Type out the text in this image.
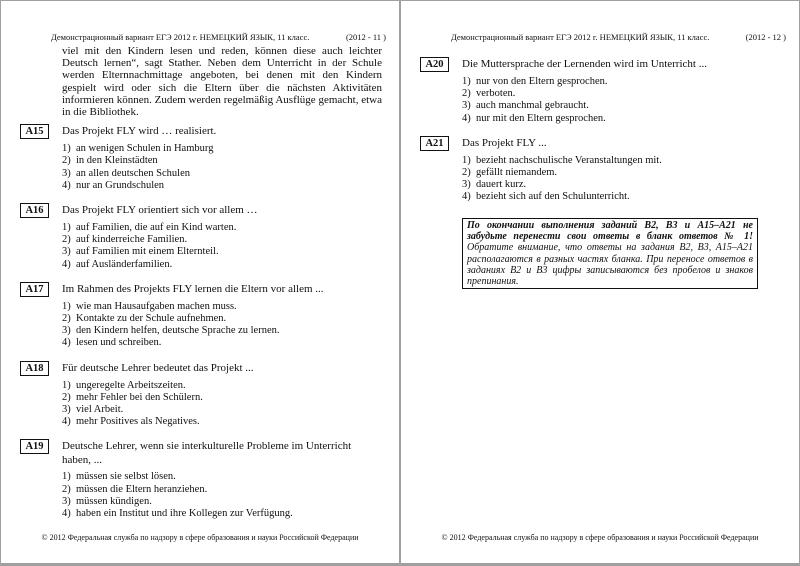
Демонстрационный вариант ЕГЭ 2012 г. НЕМЕЦКИЙ ЯЗЫК, 11 класс.	(2012 - 11 )
viel mit den Kindern lesen und reden, können diese auch leichter Deutsch lernen“, sagt Stather. Neben dem Unterricht in der Schule werden Elternnachmittage angeboten, bei denen mit den Kindern gespielt wird oder sich die Eltern über die nächsten Aktivitäten informieren können. Zudem werden regelmäßig Ausflüge gemacht, etwa in die Bibliothek.
A15	Das Projekt FLY wird … realisiert.
1) an wenigen Schulen in Hamburg
2) in den Kleinstädten
3) an allen deutschen Schulen
4) nur an Grundschulen
A16	Das Projekt FLY orientiert sich vor allem …
1) auf Familien, die auf ein Kind warten.
2) auf kinderreiche Familien.
3) auf Familien mit einem Elternteil.
4) auf Ausländerfamilien.
A17	Im Rahmen des Projekts FLY lernen die Eltern vor allem ...
1) wie man Hausaufgaben machen muss.
2) Kontakte zu der Schule aufnehmen.
3) den Kindern helfen, deutsche Sprache zu lernen.
4) lesen und schreiben.
A18	Für deutsche Lehrer bedeutet das Projekt ...
1) ungeregelte Arbeitszeiten.
2) mehr Fehler bei den Schülern.
3) viel Arbeit.
4) mehr Positives als Negatives.
A19	Deutsche Lehrer, wenn sie interkulturelle Probleme im Unterricht haben, ...
1) müssen sie selbst lösen.
2) müssen die Eltern heranziehen.
3) müssen kündigen.
4) haben ein Institut und ihre Kollegen zur Verfügung.
© 2012 Федеральная служба по надзору в сфере образования и науки Российской Федерации
Демонстрационный вариант ЕГЭ 2012 г. НЕМЕЦКИЙ ЯЗЫК, 11 класс.	(2012 - 12 )
A20	Die Muttersprache der Lernenden wird im Unterricht ...
1) nur von den Eltern gesprochen.
2) verboten.
3) auch manchmal gebraucht.
4) nur mit den Eltern gesprochen.
A21	Das Projekt FLY ...
1) bezieht nachschulische Veranstaltungen mit.
2) gefällt niemandem.
3) dauert kurz.
4) bezieht sich auf den Schulunterricht.
По окончании выполнения заданий B2, B3 и A15–A21 не забудьте перенести свои ответы в бланк ответов № 1! Обратите внимание, что ответы на задания B2, B3, A15–A21 располагаются в разных частях бланка. При переносе ответов в заданиях B2 и B3 цифры записываются без пробелов и знаков препинания.
© 2012 Федеральная служба по надзору в сфере образования и науки Российской Федерации
